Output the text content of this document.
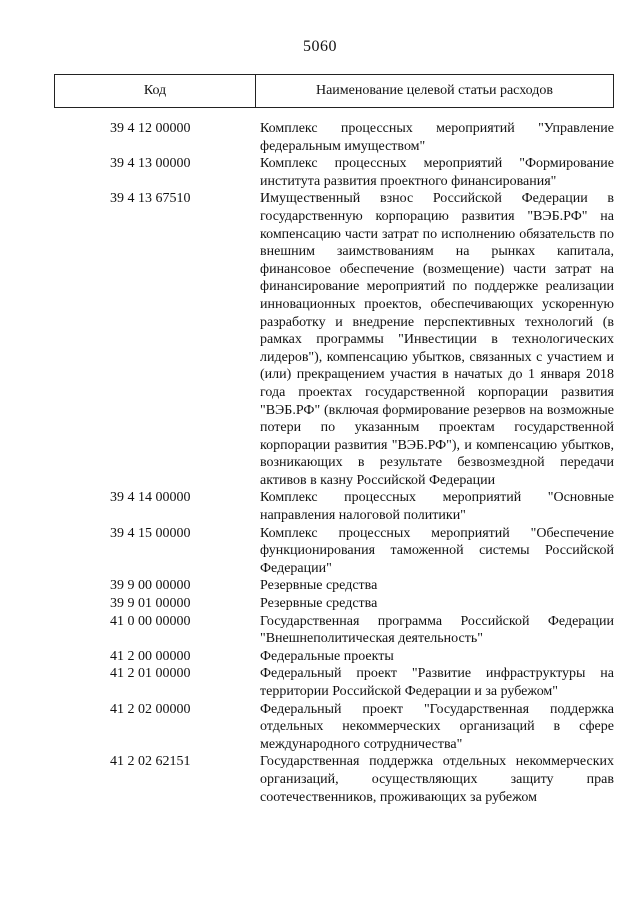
5060
Код	Наименование целевой статьи расходов
39 4 12 00000	Комплекс процессных мероприятий "Управление федеральным имуществом"
39 4 13 00000	Комплекс процессных мероприятий "Формирование института развития проектного финансирования"
39 4 13 67510	Имущественный взнос Российской Федерации в государственную корпорацию развития "ВЭБ.РФ" на компенсацию части затрат по исполнению обязательств по внешним заимствованиям на рынках капитала, финансовое обеспечение (возмещение) части затрат на финансирование мероприятий по поддержке реализации инновационных проектов, обеспечивающих ускоренную разработку и внедрение перспективных технологий (в рамках программы "Инвестиции в технологических лидеров"), компенсацию убытков, связанных с участием и (или) прекращением участия в начатых до 1 января 2018 года проектах государственной корпорации развития "ВЭБ.РФ" (включая формирование резервов на возможные потери по указанным проектам государственной корпорации развития "ВЭБ.РФ"), и компенсацию убытков, возникающих в результате безвозмездной передачи активов в казну Российской Федерации
39 4 14 00000	Комплекс процессных мероприятий "Основные направления налоговой политики"
39 4 15 00000	Комплекс процессных мероприятий "Обеспечение функционирования таможенной системы Российской Федерации"
39 9 00 00000	Резервные средства
39 9 01 00000	Резервные средства
41 0 00 00000	Государственная программа Российской Федерации "Внешнеполитическая деятельность"
41 2 00 00000	Федеральные проекты
41 2 01 00000	Федеральный проект "Развитие инфраструктуры на территории Российской Федерации и за рубежом"
41 2 02 00000	Федеральный проект "Государственная поддержка отдельных некоммерческих организаций в сфере международного сотрудничества"
41 2 02 62151	Государственная поддержка отдельных некоммерческих организаций, осуществляющих защиту прав соотечественников, проживающих за рубежом
